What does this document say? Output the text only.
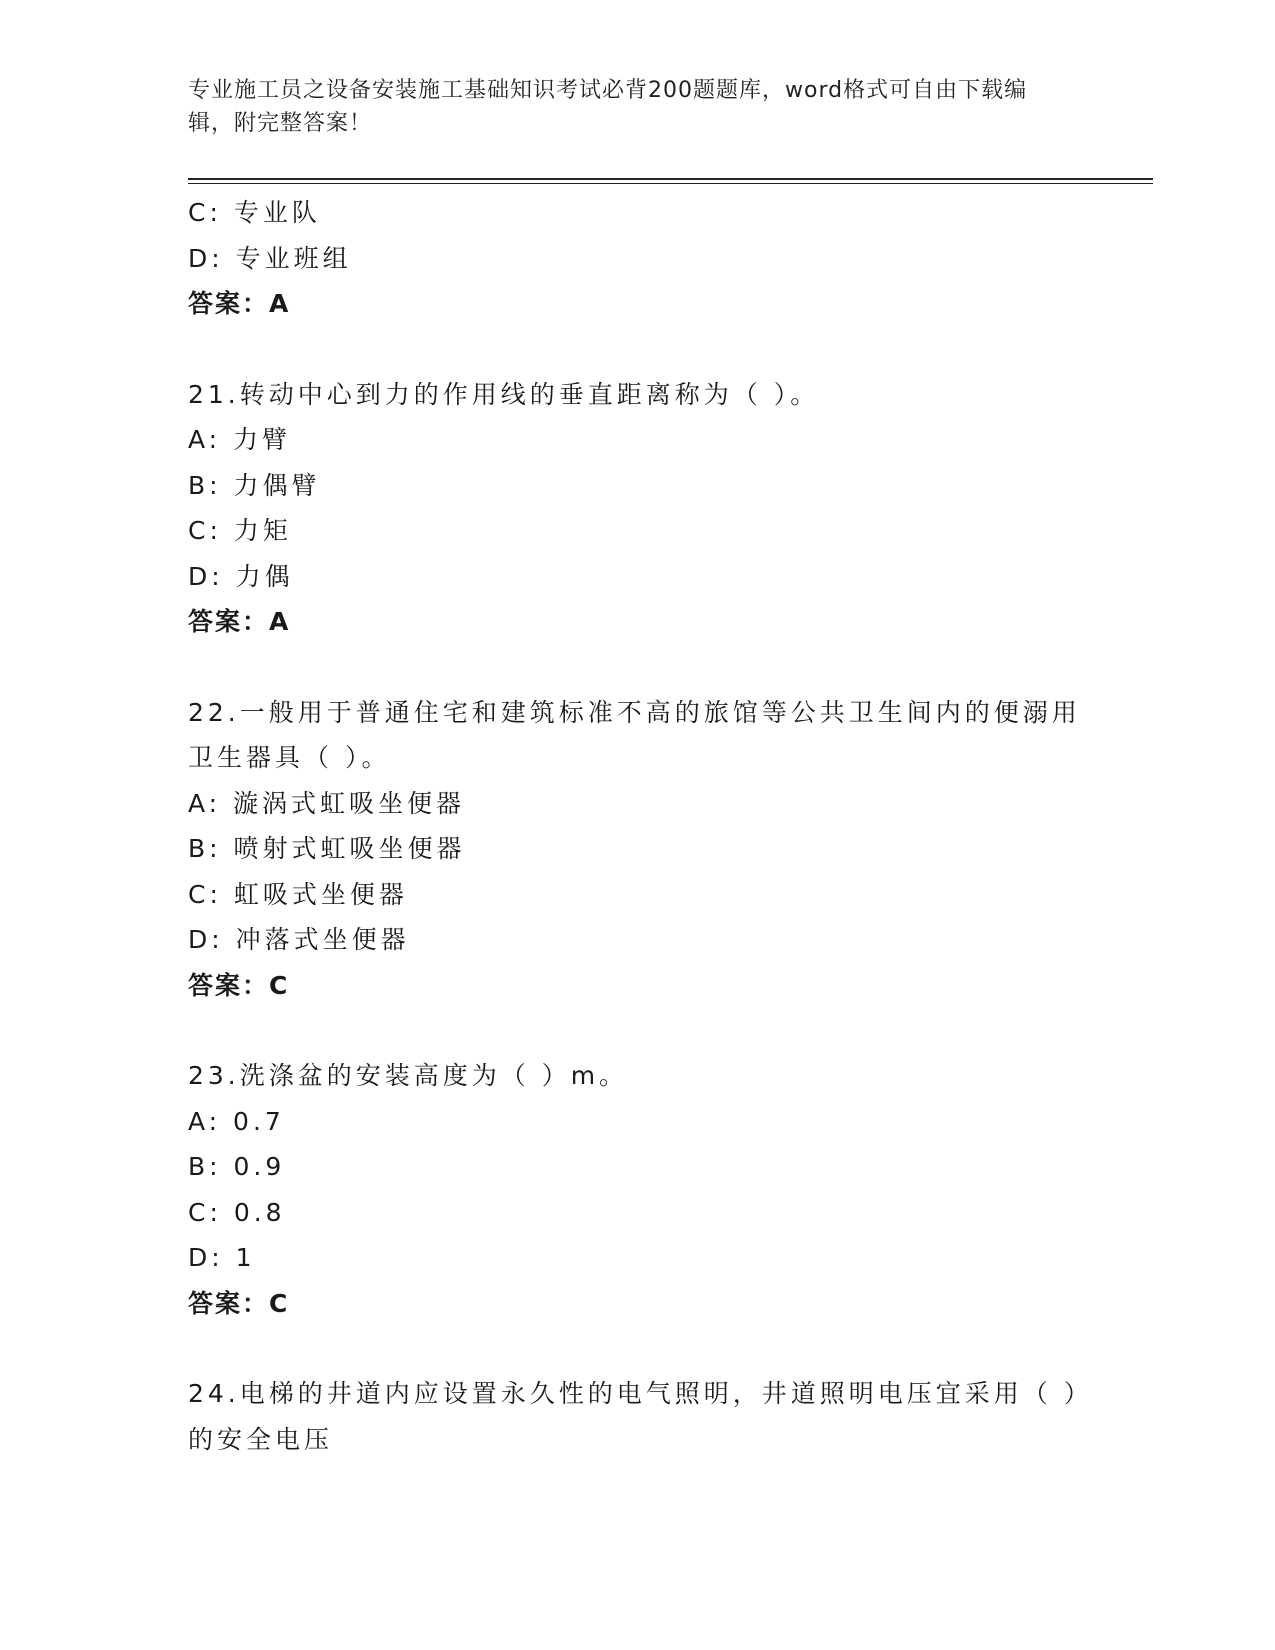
专业施工员之设备安装施工基础知识考试必背200题题库，word格式可自由下载编辑，附完整答案！
C: 专业队
D: 专业班组
答案：A
21.转动中心到力的作用线的垂直距离称为（ ）。
A: 力臂
B: 力偶臂
C: 力矩
D: 力偶
答案：A
22.一般用于普通住宅和建筑标准不高的旅馆等公共卫生间内的便溺用卫生器具（ ）。
A: 漩涡式虹吸坐便器
B: 喷射式虹吸坐便器
C: 虹吸式坐便器
D: 冲落式坐便器
答案：C
23.洗涤盆的安装高度为（ ）m。
A: 0.7
B: 0.9
C: 0.8
D: 1
答案：C
24.电梯的井道内应设置永久性的电气照明，井道照明电压宜采用（ ）的安全电压
